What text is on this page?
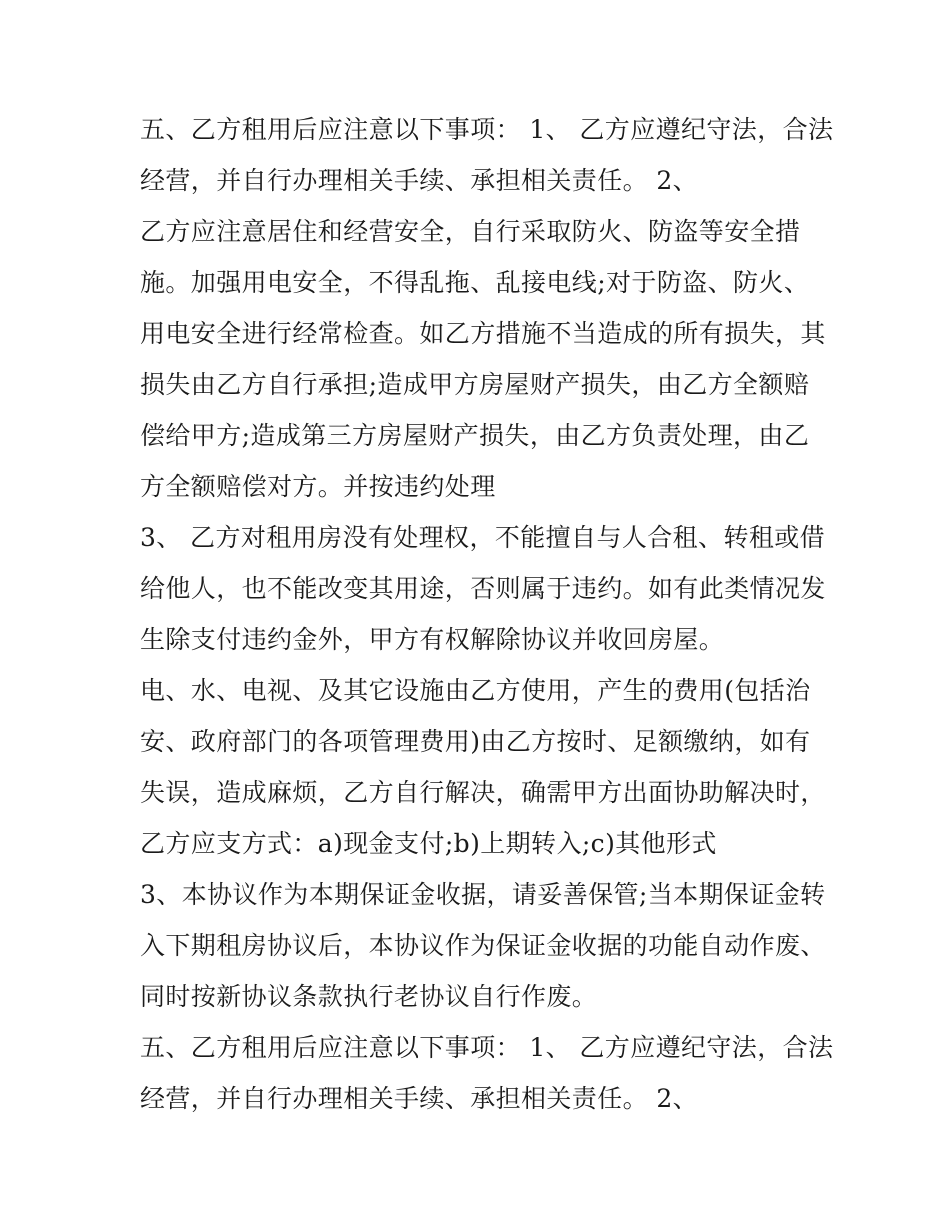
五、乙方租用后应注意以下事项： 1、 乙方应遵纪守法，合法

经营，并自行办理相关手续、承担相关责任。 2、

乙方应注意居住和经营安全，自行采取防火、防盗等安全措

施。加强用电安全，不得乱拖、乱接电线;对于防盗、防火、

用电安全进行经常检查。如乙方措施不当造成的所有损失，其

损失由乙方自行承担;造成甲方房屋财产损失，由乙方全额赔

偿给甲方;造成第三方房屋财产损失，由乙方负责处理，由乙

方全额赔偿对方。并按违约处理

3、 乙方对租用房没有处理权，不能擅自与人合租、转租或借

给他人，也不能改变其用途，否则属于违约。如有此类情况发

生除支付违约金外，甲方有权解除协议并收回房屋。

电、水、电视、及其它设施由乙方使用，产生的费用(包括治

安、政府部门的各项管理费用)由乙方按时、足额缴纳，如有

失误，造成麻烦，乙方自行解决，确需甲方出面协助解决时，

乙方应支方式：a)现金支付;b)上期转入;c)其他形式

3、本协议作为本期保证金收据，请妥善保管;当本期保证金转

入下期租房协议后，本协议作为保证金收据的功能自动作废、

同时按新协议条款执行老协议自行作废。

五、乙方租用后应注意以下事项： 1、 乙方应遵纪守法，合法

经营，并自行办理相关手续、承担相关责任。 2、
